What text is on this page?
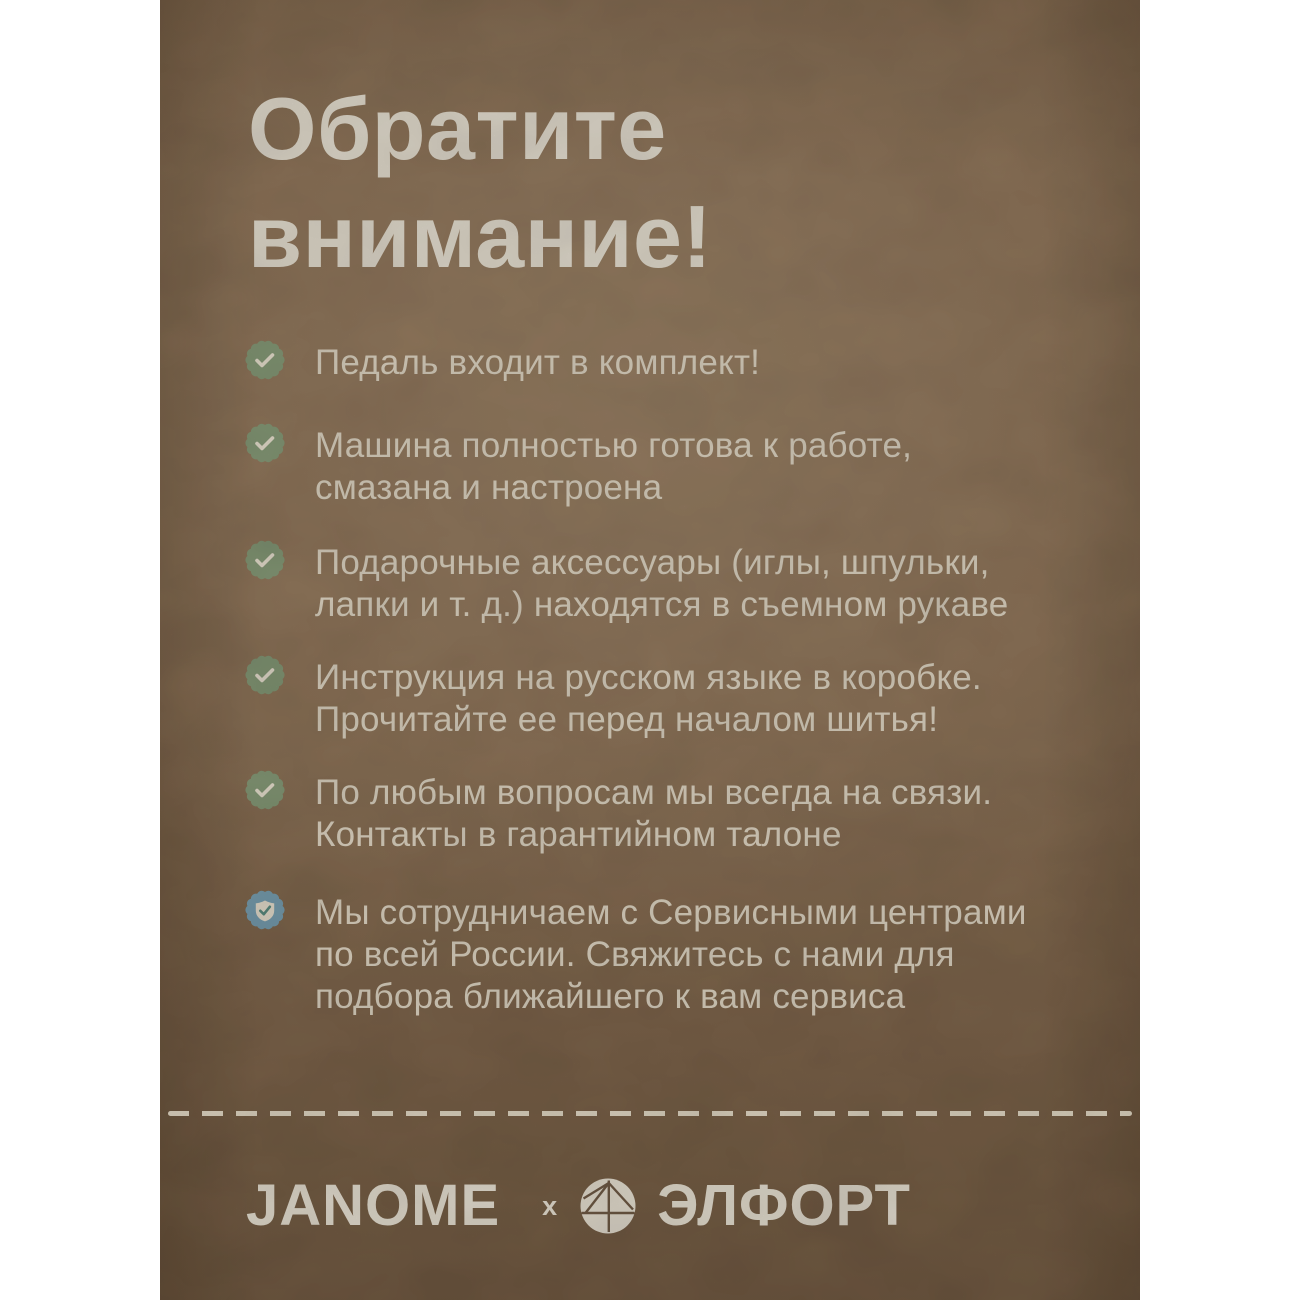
Обратите
внимание!
Педаль входит в комплект!
Машина полностью готова к работе,
смазана и настроена
Подарочные аксессуары (иглы, шпульки,
лапки и т. д.) находятся в съемном рукаве
Инструкция на русском языке в коробке.
Прочитайте ее перед началом шитья!
По любым вопросам мы всегда на связи.
Контакты в гарантийном талоне
Мы сотрудничаем с Сервисными центрами
по всей России. Свяжитесь с нами для
подбора ближайшего к вам сервиса
JANOME x ЭЛФОРТ
